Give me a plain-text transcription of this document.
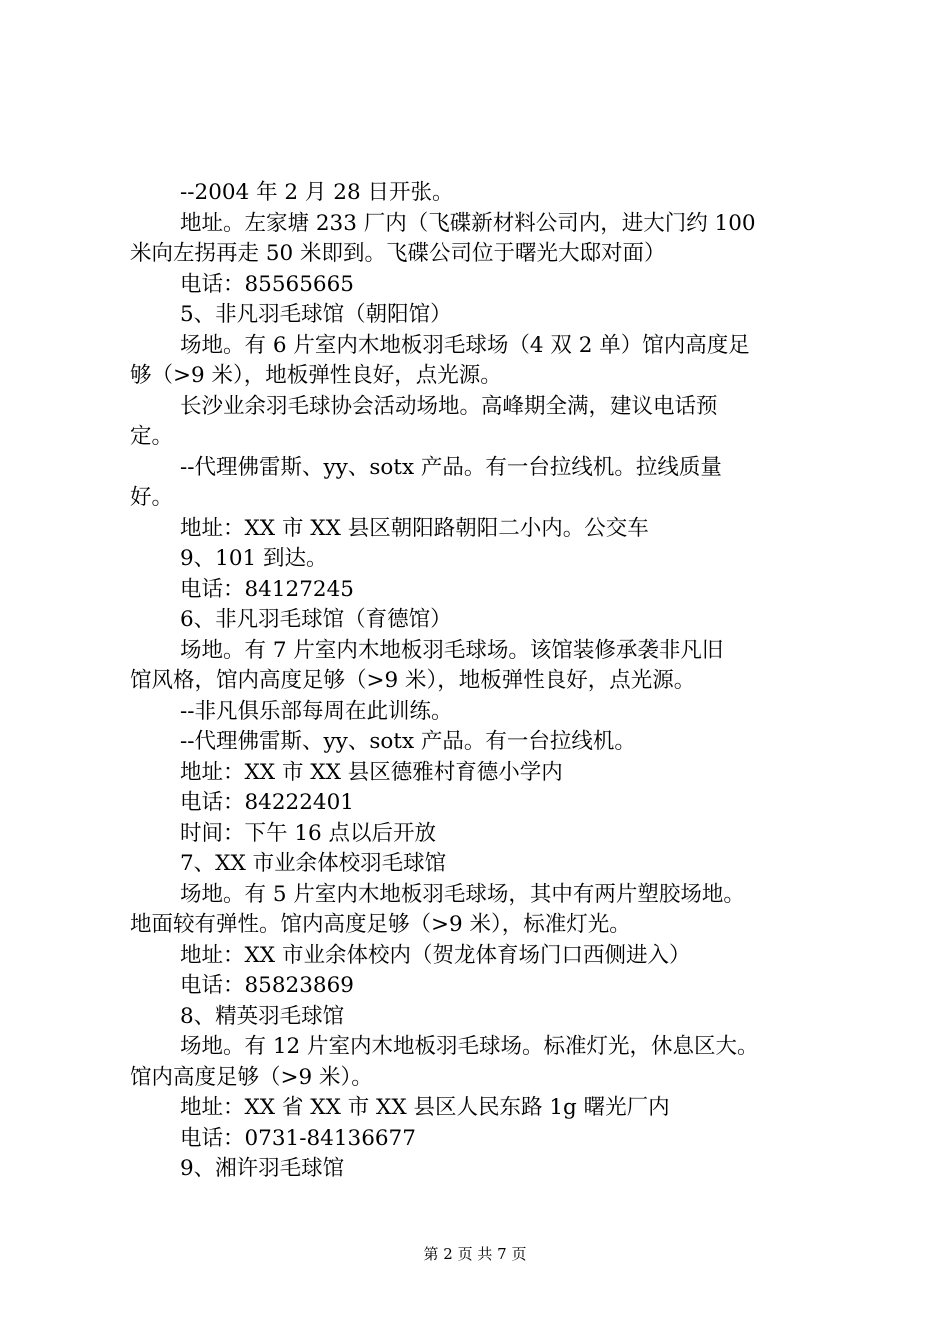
--2004 年 2 月 28 日开张。
地址。左家塘 233 厂内（飞碟新材料公司内，进大门约 100
米向左拐再走 50 米即到。飞碟公司位于曙光大邸对面）
电话：85565665
5、非凡羽毛球馆（朝阳馆）
场地。有 6 片室内木地板羽毛球场（4 双 2 单）馆内高度足
够（>9 米），地板弹性良好，点光源。
长沙业余羽毛球协会活动场地。高峰期全满，建议电话预
定。
--代理佛雷斯、yy、sotx 产品。有一台拉线机。拉线质量
好。
地址：XX 市 XX 县区朝阳路朝阳二小内。公交车
9、101 到达。
电话：84127245
6、非凡羽毛球馆（育德馆）
场地。有 7 片室内木地板羽毛球场。该馆装修承袭非凡旧
馆风格，馆内高度足够（>9 米），地板弹性良好，点光源。
--非凡俱乐部每周在此训练。
--代理佛雷斯、yy、sotx 产品。有一台拉线机。
地址：XX 市 XX 县区德雅村育德小学内
电话：84222401
时间：下午 16 点以后开放
7、XX 市业余体校羽毛球馆
场地。有 5 片室内木地板羽毛球场，其中有两片塑胶场地。
地面较有弹性。馆内高度足够（>9 米），标准灯光。
地址：XX 市业余体校内（贺龙体育场门口西侧进入）
电话：85823869
8、精英羽毛球馆
场地。有 12 片室内木地板羽毛球场。标准灯光，休息区大。
馆内高度足够（>9 米）。
地址：XX 省 XX 市 XX 县区人民东路 1g 曙光厂内
电话：0731-84136677
9、湘许羽毛球馆
第 2 页 共 7 页
